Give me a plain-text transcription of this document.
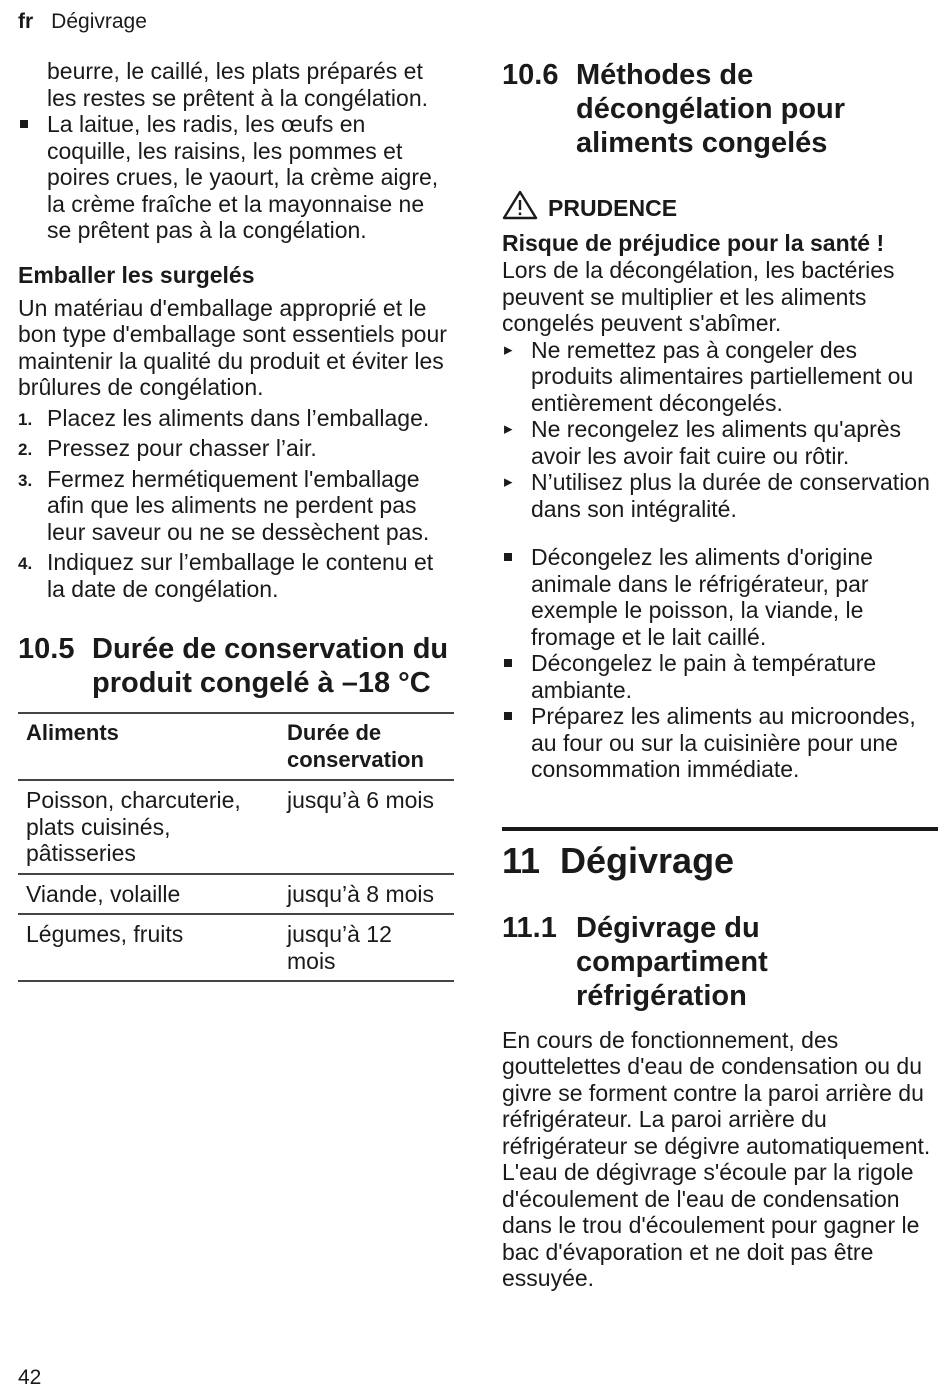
fr Dégivrage

beurre, le caillé, les plats préparés et les restes se prêtent à la congélation.

La laitue, les radis, les œufs en coquille, les raisins, les pommes et poires crues, le yaourt, la crème aigre, la crème fraîche et la mayonnaise ne se prêtent pas à la congélation.
Emballer les surgelés

Un matériau d'emballage approprié et le bon type d'emballage sont essentiels pour maintenir la qualité du produit et éviter les brûlures de congélation.

1. Placez les aliments dans l’emballage.
2. Pressez pour chasser l’air.
3. Fermez hermétiquement l'emballage afin que les aliments ne perdent pas leur saveur ou ne se dessèchent pas.
4. Indiquez sur l’emballage le contenu et la date de congélation.
10.5 Durée de conservation du produit congelé à –18 °C
Aliments	Durée de conservation
Poisson, charcuterie, plats cuisinés, pâtisseries	jusqu’à 6 mois
Viande, volaille	jusqu’à 8 mois
Légumes, fruits	jusqu’à 12 mois
10.6 Méthodes de décongélation pour aliments congelés
PRUDENCE
Risque de préjudice pour la santé !

Lors de la décongélation, les bactéries peuvent se multiplier et les aliments congelés peuvent s'abîmer.

▸ Ne remettez pas à congeler des produits alimentaires partiellement ou entièrement décongelés.
▸ Ne recongelez les aliments qu'après avoir les avoir fait cuire ou rôtir.
▸ N’utilisez plus la durée de conservation dans son intégralité.
Décongelez les aliments d'origine animale dans le réfrigérateur, par exemple le poisson, la viande, le fromage et le lait caillé.
Décongelez le pain à température ambiante.
Préparez les aliments au microondes, au four ou sur la cuisinière pour une consommation immédiate.
11 Dégivrage
11.1 Dégivrage du compartiment réfrigération

En cours de fonctionnement, des gouttelettes d'eau de condensation ou du givre se forment contre la paroi arrière du réfrigérateur. La paroi arrière du réfrigérateur se dégivre automatiquement.

L'eau de dégivrage s'écoule par la rigole d'écoulement de l'eau de condensation dans le trou d'écoulement pour gagner le bac d'évaporation et ne doit pas être essuyée.

42
